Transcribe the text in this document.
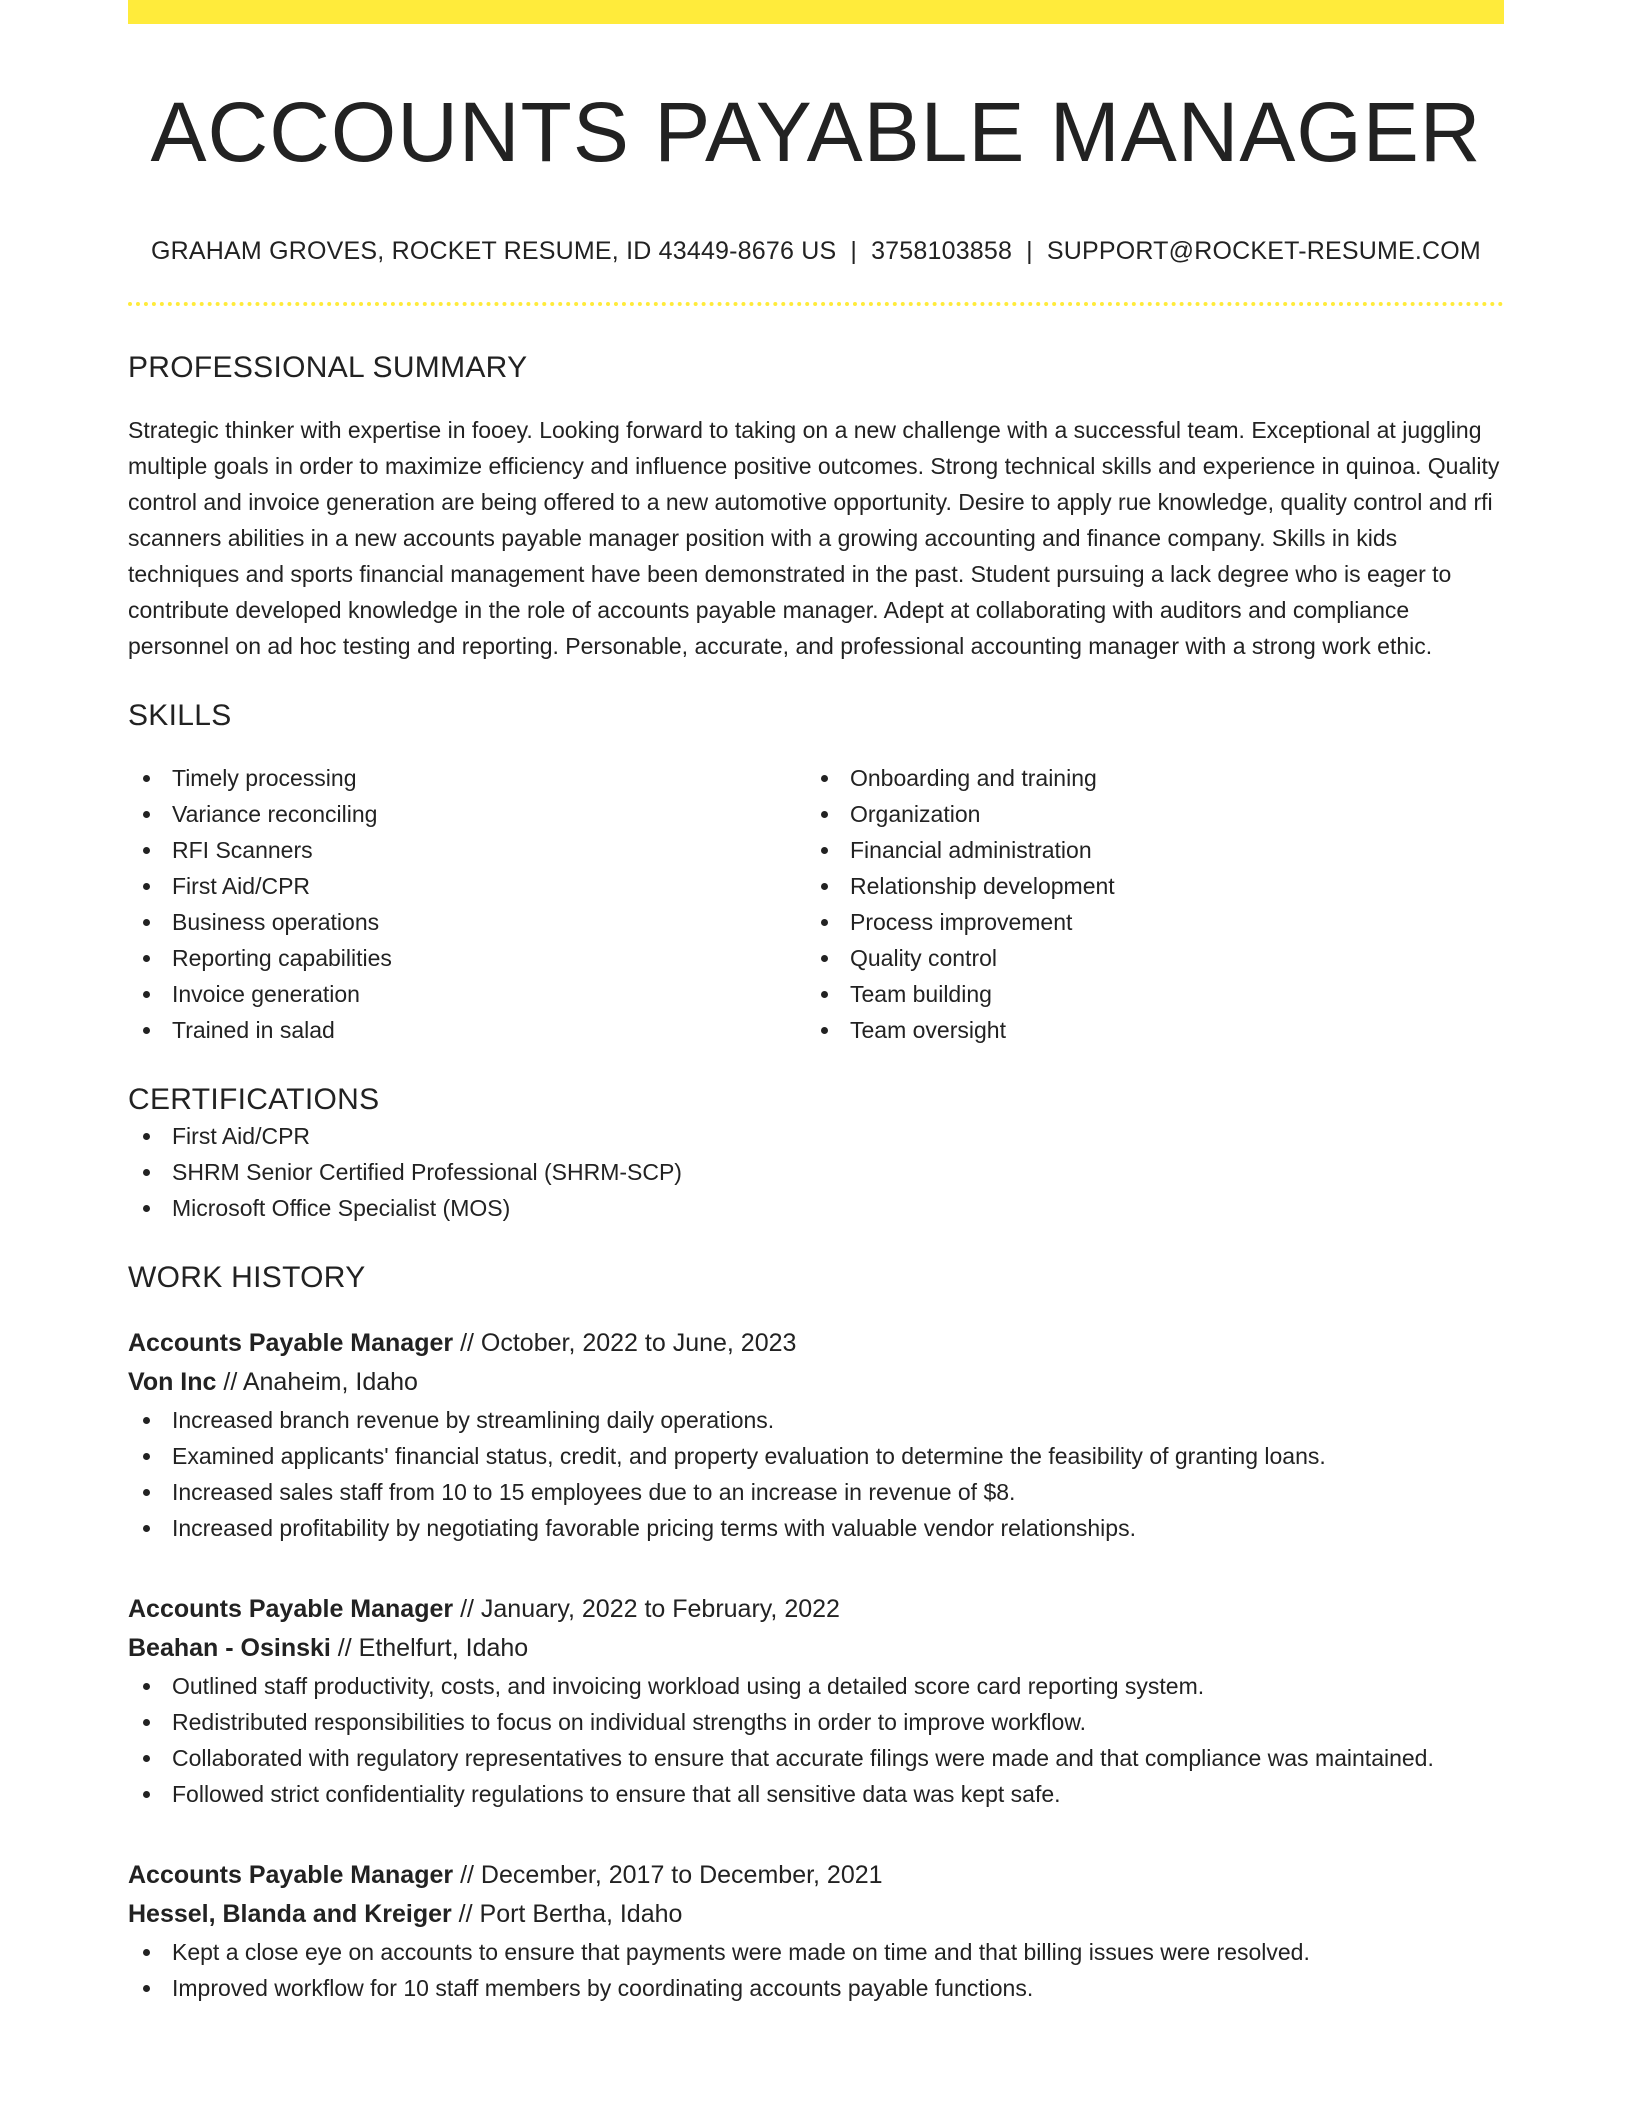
ACCOUNTS PAYABLE MANAGER
GRAHAM GROVES, ROCKET RESUME, ID 43449-8676 US | 3758103858 | SUPPORT@ROCKET-RESUME.COM
PROFESSIONAL SUMMARY
Strategic thinker with expertise in fooey. Looking forward to taking on a new challenge with a successful team. Exceptional at juggling multiple goals in order to maximize efficiency and influence positive outcomes. Strong technical skills and experience in quinoa. Quality control and invoice generation are being offered to a new automotive opportunity. Desire to apply rue knowledge, quality control and rfi scanners abilities in a new accounts payable manager position with a growing accounting and finance company. Skills in kids techniques and sports financial management have been demonstrated in the past. Student pursuing a lack degree who is eager to contribute developed knowledge in the role of accounts payable manager. Adept at collaborating with auditors and compliance personnel on ad hoc testing and reporting. Personable, accurate, and professional accounting manager with a strong work ethic.
SKILLS
Timely processing
Variance reconciling
RFI Scanners
First Aid/CPR
Business operations
Reporting capabilities
Invoice generation
Trained in salad
Onboarding and training
Organization
Financial administration
Relationship development
Process improvement
Quality control
Team building
Team oversight
CERTIFICATIONS
First Aid/CPR
SHRM Senior Certified Professional (SHRM-SCP)
Microsoft Office Specialist (MOS)
WORK HISTORY
Accounts Payable Manager // October, 2022 to June, 2023
Von Inc // Anaheim, Idaho
Increased branch revenue by streamlining daily operations.
Examined applicants' financial status, credit, and property evaluation to determine the feasibility of granting loans.
Increased sales staff from 10 to 15 employees due to an increase in revenue of $8.
Increased profitability by negotiating favorable pricing terms with valuable vendor relationships.
Accounts Payable Manager // January, 2022 to February, 2022
Beahan - Osinski // Ethelfurt, Idaho
Outlined staff productivity, costs, and invoicing workload using a detailed score card reporting system.
Redistributed responsibilities to focus on individual strengths in order to improve workflow.
Collaborated with regulatory representatives to ensure that accurate filings were made and that compliance was maintained.
Followed strict confidentiality regulations to ensure that all sensitive data was kept safe.
Accounts Payable Manager // December, 2017 to December, 2021
Hessel, Blanda and Kreiger // Port Bertha, Idaho
Kept a close eye on accounts to ensure that payments were made on time and that billing issues were resolved.
Improved workflow for 10 staff members by coordinating accounts payable functions.
